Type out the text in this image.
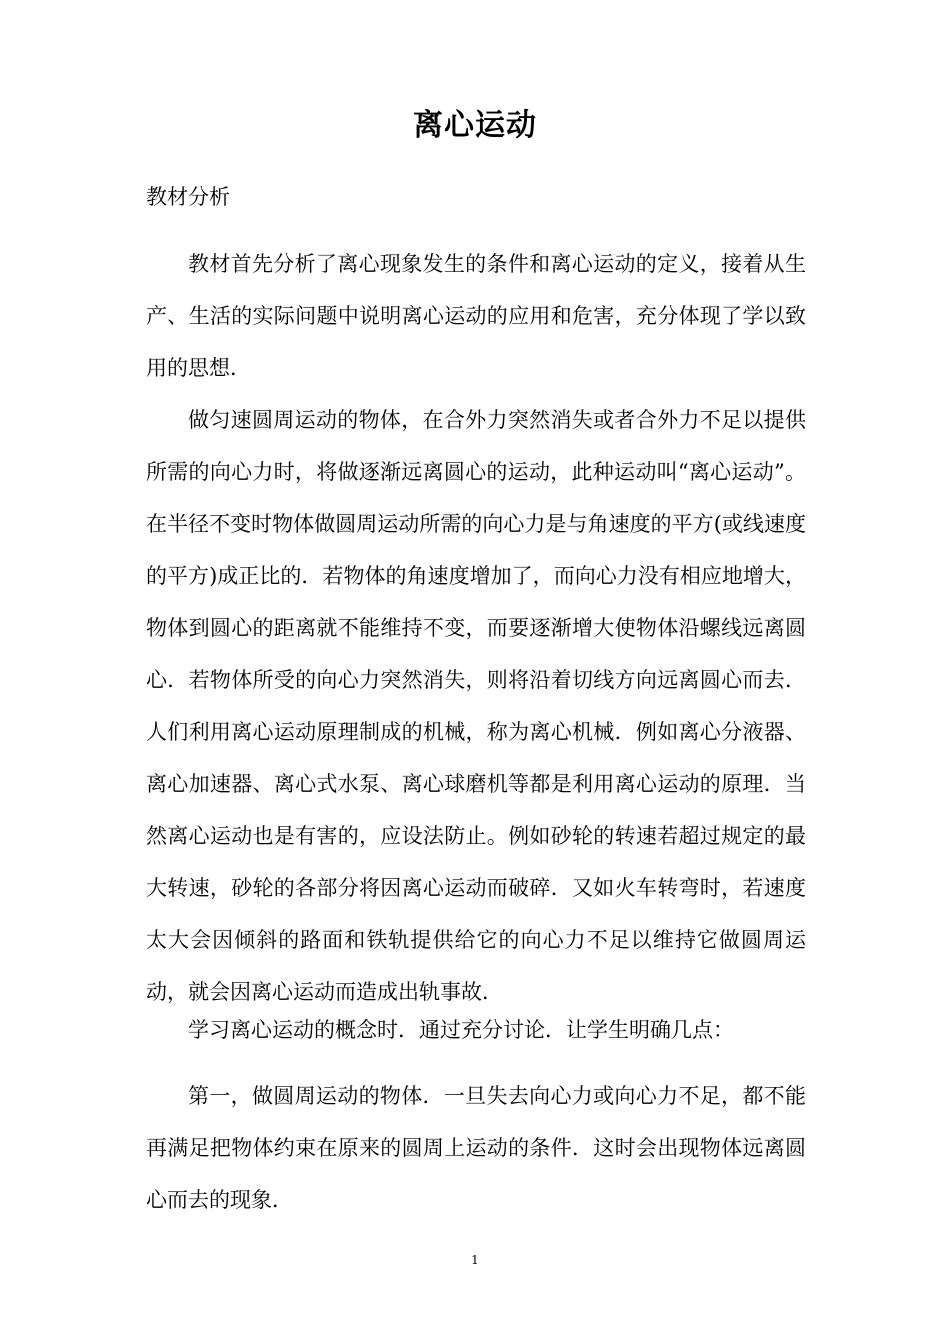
离心运动
教材分析

教材首先分析了离心现象发生的条件和离心运动的定义，接着从生产、生活的实际问题中说明离心运动的应用和危害，充分体现了学以致用的思想．

做匀速圆周运动的物体，在合外力突然消失或者合外力不足以提供所需的向心力时，将做逐渐远离圆心的运动，此种运动叫“离心运动”。在半径不变时物体做圆周运动所需的向心力是与角速度的平方(或线速度的平方)成正比的．若物体的角速度增加了，而向心力没有相应地增大，物体到圆心的距离就不能维持不变，而要逐渐增大使物体沿螺线远离圆心．若物体所受的向心力突然消失，则将沿着切线方向远离圆心而去． 人们利用离心运动原理制成的机械，称为离心机械．例如离心分液器、离心加速器、离心式水泵、离心球磨机等都是利用离心运动的原理．当然离心运动也是有害的，应设法防止。例如砂轮的转速若超过规定的最大转速，砂轮的各部分将因离心运动而破碎．又如火车转弯时，若速度太大会因倾斜的路面和铁轨提供给它的向心力不足以维持它做圆周运动，就会因离心运动而造成出轨事故．

学习离心运动的概念时．通过充分讨论．让学生明确几点：

第一，做圆周运动的物体．一旦失去向心力或向心力不足，都不能再满足把物体约束在原来的圆周上运动的条件．这时会出现物体远离圆心而去的现象．

1
